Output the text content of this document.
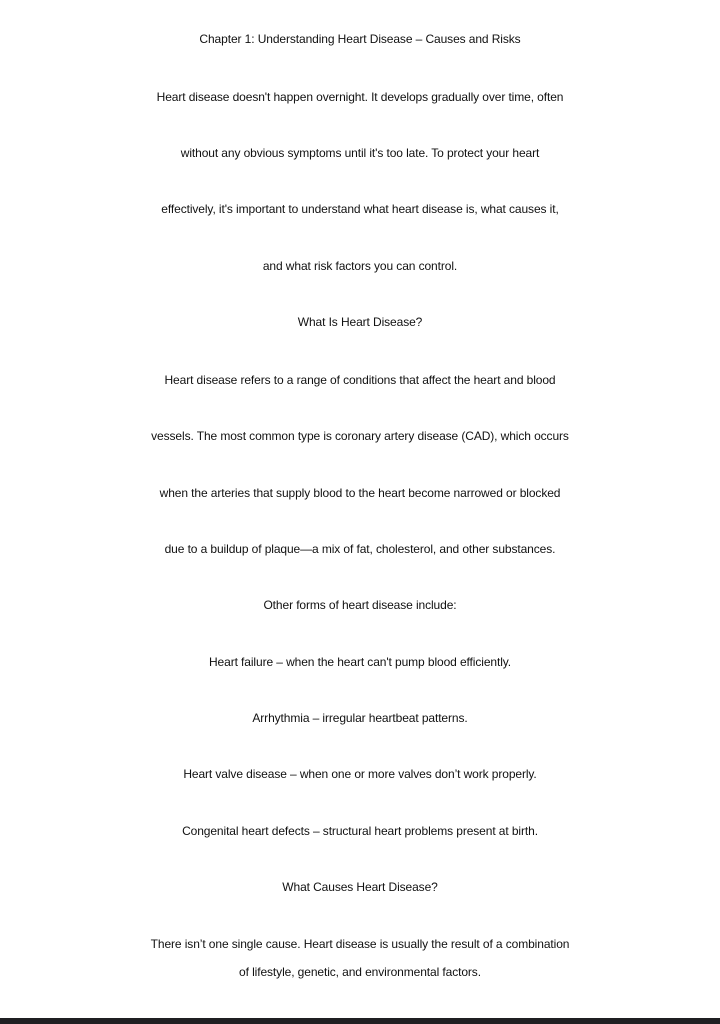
Chapter 1: Understanding Heart Disease – Causes and Risks
Heart disease doesn't happen overnight. It develops gradually over time, often
without any obvious symptoms until it's too late. To protect your heart
effectively, it's important to understand what heart disease is, what causes it,
and what risk factors you can control.
What Is Heart Disease?
Heart disease refers to a range of conditions that affect the heart and blood
vessels. The most common type is coronary artery disease (CAD), which occurs
when the arteries that supply blood to the heart become narrowed or blocked
due to a buildup of plaque—a mix of fat, cholesterol, and other substances.
Other forms of heart disease include:
Heart failure – when the heart can't pump blood efficiently.
Arrhythmia – irregular heartbeat patterns.
Heart valve disease – when one or more valves don’t work properly.
Congenital heart defects – structural heart problems present at birth.
What Causes Heart Disease?
There isn’t one single cause. Heart disease is usually the result of a combination
of lifestyle, genetic, and environmental factors.
